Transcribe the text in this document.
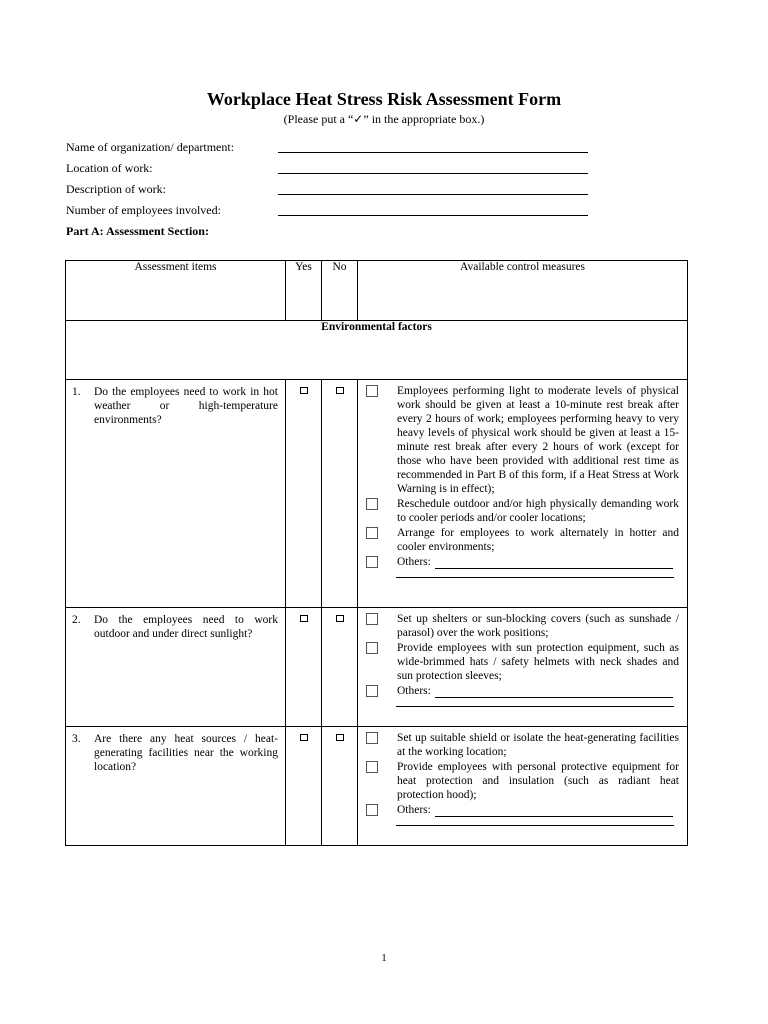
Workplace Heat Stress Risk Assessment Form
(Please put a “✓” in the appropriate box.)
Name of organization/ department:
Location of work:
Description of work:
Number of employees involved:
Part A: Assessment Section:
Assessment items	Yes	No	Available control measures
Environmental factors			
1. Do the employees need to work in hot weather or high-temperature environments?			Employees performing light to moderate levels of physical work should be given at least a 10-minute rest break after every 2 hours of work; employees performing heavy to very heavy levels of physical work should be given at least a 15-minute rest break after every 2 hours of work (except for those who have been provided with additional rest time as recommended in Part B of this form, if a Heat Stress at Work Warning is in effect);
Reschedule outdoor and/or high physically demanding work to cooler periods and/or cooler locations;
Arrange for employees to work alternately in hotter and cooler environments;
Others:

2. Do the employees need to work outdoor and under direct sunlight?			Set up shelters or sun-blocking covers (such as sunshade / parasol) over the work positions;
Provide employees with sun protection equipment, such as wide-brimmed hats / safety helmets with neck shades and sun protection sleeves;
Others:

3. Are there any heat sources / heat-generating facilities near the working location?			Set up suitable shield or isolate the heat-generating facilities at the working location;
Provide employees with personal protective equipment for heat protection and insulation (such as radiant heat protection hood);
Others:
1
